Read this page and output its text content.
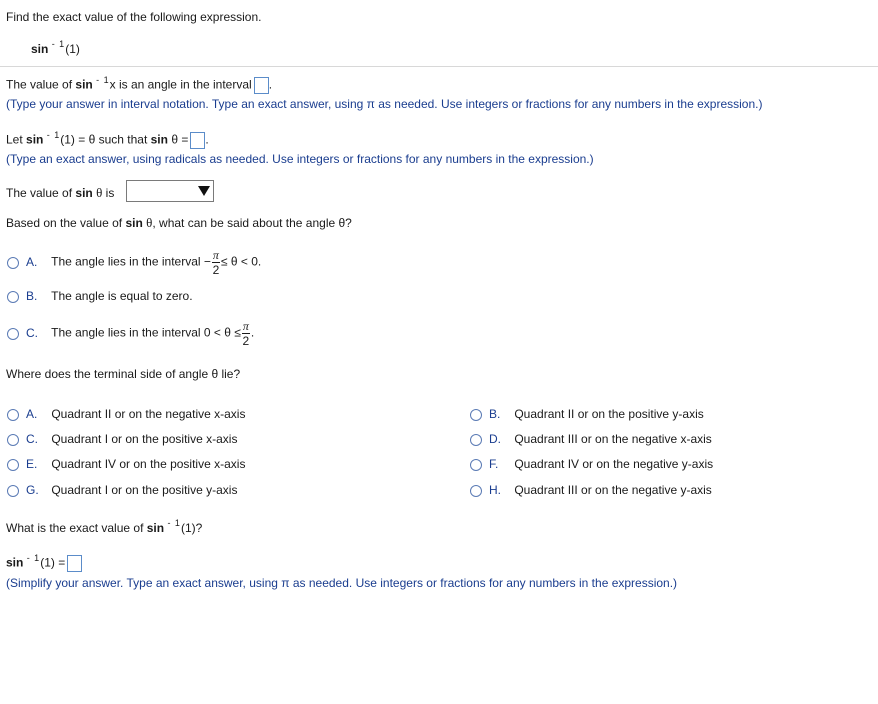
Find the exact value of the following expression.
sin $^{- 1}$(1)
The value of sin $^{- 1}$x is an angle in the interval .
(Type your answer in interval notation. Type an exact answer, using π as needed. Use integers or fractions for any numbers in the expression.)
Let sin $^{- 1}$(1) = θ such that sin θ = .
(Type an exact answer, using radicals as needed. Use integers or fractions for any numbers in the expression.)
The value of sin θ is
Based on the value of sin θ, what can be said about the angle θ?
A. The angle lies in the interval − $\frac{\pi}{2} \le \theta < 0$.
B. The angle is equal to zero.
C. The angle lies in the interval $0 < \theta \le \frac{\pi}{2}$ .
Where does the terminal side of angle θ lie?
A. Quadrant II or on the negative x-axis	B. Quadrant II or on the positive y-axis
C. Quadrant I or on the positive x-axis	D. Quadrant III or on the negative x-axis
E. Quadrant IV or on the positive x-axis	F. Quadrant IV or on the negative y-axis
G. Quadrant I or on the positive y-axis	H. Quadrant III or on the negative y-axis
What is the exact value of sin $^{- 1}$(1)?
sin $^{- 1}$(1) =
(Simplify your answer. Type an exact answer, using π as needed. Use integers or fractions for any numbers in the expression.)
